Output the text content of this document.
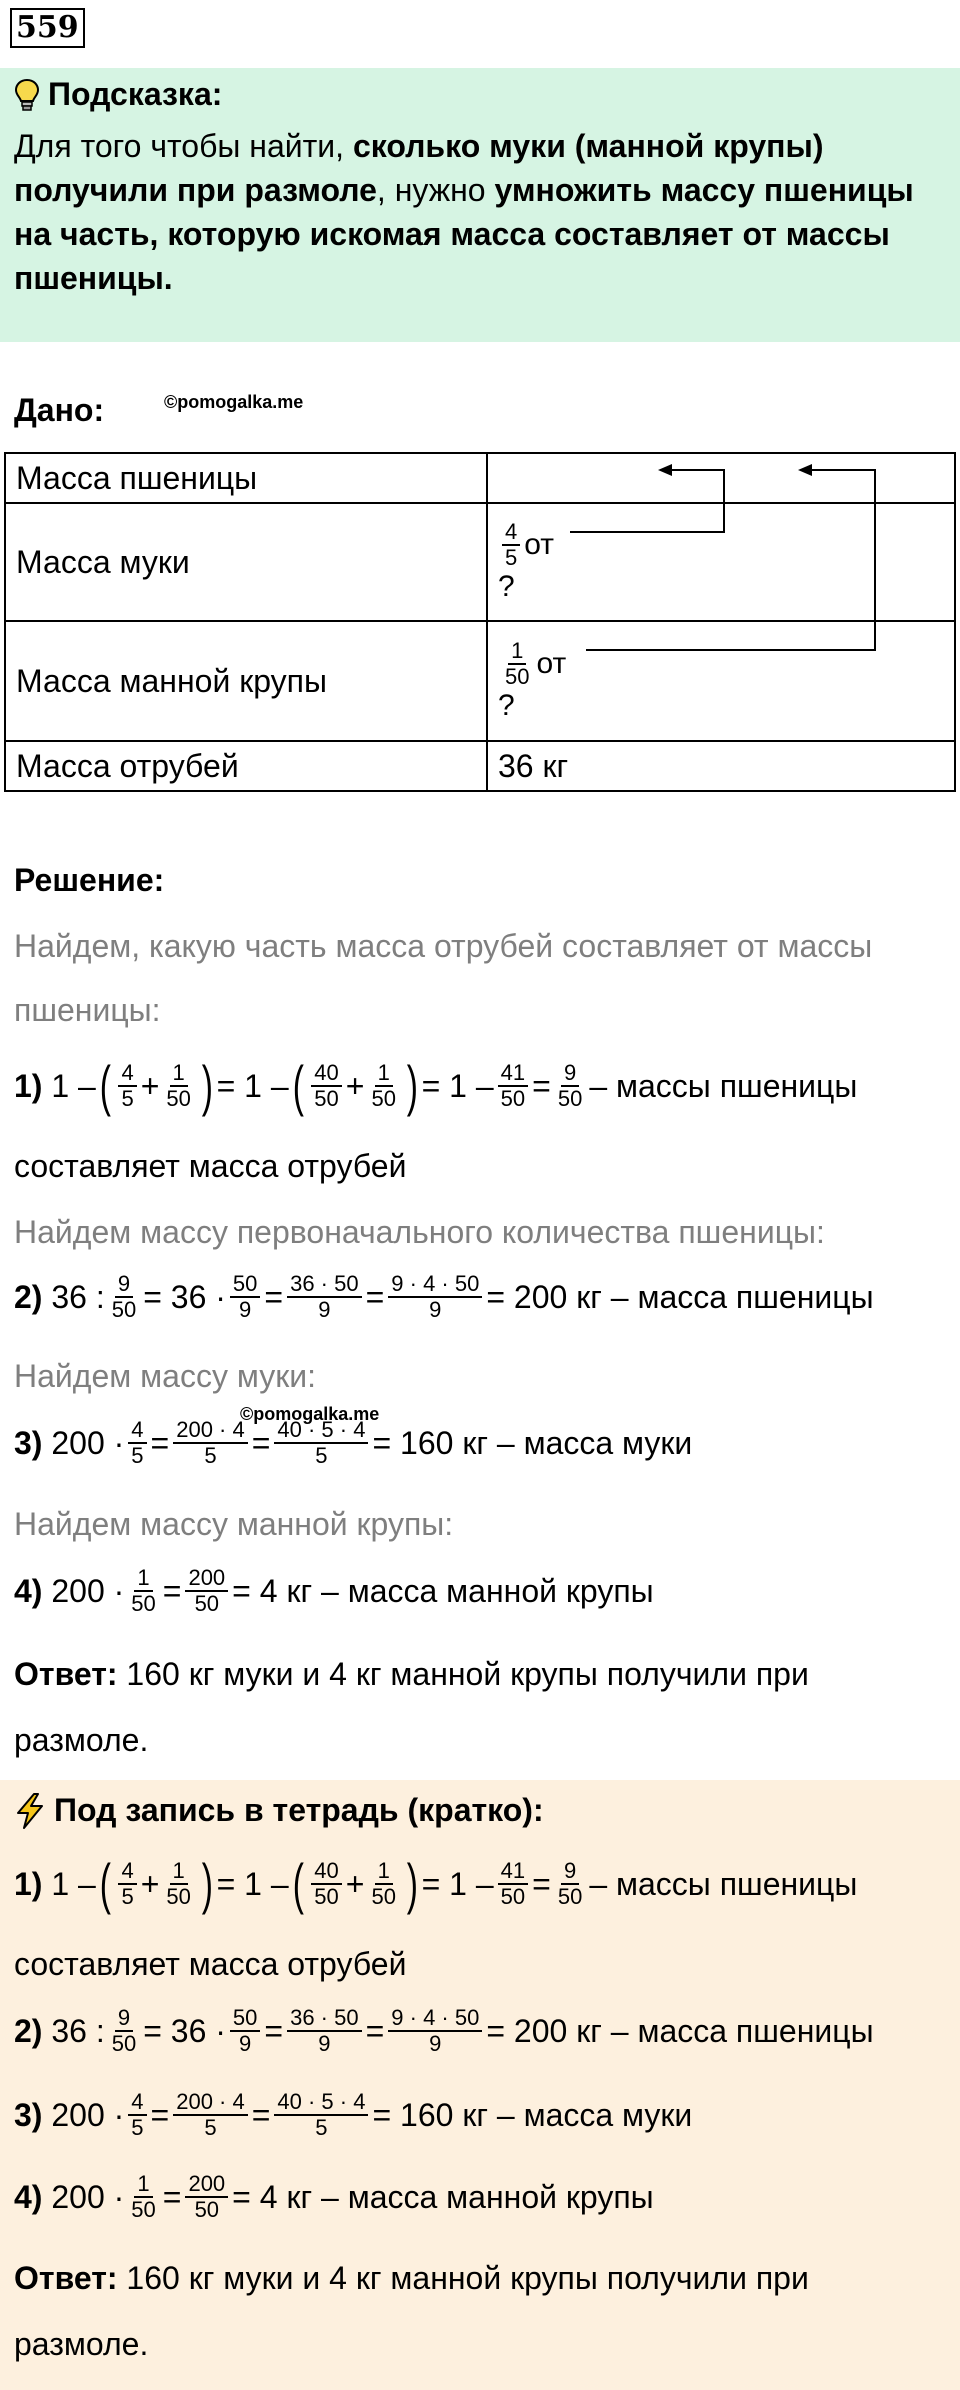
559
Подсказка:
Для того чтобы найти, сколько муки (манной крупы) получили при размоле, нужно умножить массу пшеницы на часть, которую искомая масса составляет от массы пшеницы.
Дано:	©pomogalka.me
Масса пшеницы	
Масса муки	$\frac{4}{5}$ от
?

Масса манной крупы	$\frac{1}{50}$ от
?

Масса отрубей	36 кг
Решение:
Найдем, какую часть масса отрубей составляет от массы
пшеницы:
1) 1 – ( $\frac{4}{5} + \frac{1}{50}$ ) = 1 – ( $\frac{40}{50} + \frac{1}{50}$ ) = $1 - \frac{41}{50} = \frac{9}{50}$ – массы пшеницы
составляет масса отрубей
Найдем массу первоначального количества пшеницы:
2) 36 : $\frac{9}{50} = 36 \cdot \frac{50}{9} = \frac{36 \cdot 50}{9} = \frac{9 \cdot 4 \cdot 50}{9} = 200$ кг – масса пшеницы
Найдем массу муки:
©pomogalka.me
3) $200 \cdot \frac{4}{5} = \frac{200 \cdot 4}{5} = \frac{40 \cdot 5 \cdot 4}{5} = 160$ кг – масса муки
Найдем массу манной крупы:
4) $200 \cdot \frac{1}{50} = \frac{200}{50} = 4$ кг – масса манной крупы
Ответ: 160 кг муки и 4 кг манной крупы получили при
размоле.
Под запись в тетрадь (кратко):
1) 1 – ( $\frac{4}{5} + \frac{1}{50}$ ) = 1 – ( $\frac{40}{50} + \frac{1}{50}$ ) = $1 - \frac{41}{50} = \frac{9}{50}$ – массы пшеницы
составляет масса отрубей
2) 36 : $\frac{9}{50} = 36 \cdot \frac{50}{9} = \frac{36 \cdot 50}{9} = \frac{9 \cdot 4 \cdot 50}{9} = 200$ кг – масса пшеницы
3) $200 \cdot \frac{4}{5} = \frac{200 \cdot 4}{5} = \frac{40 \cdot 5 \cdot 4}{5} = 160$ кг – масса муки
4) $200 \cdot \frac{1}{50} = \frac{200}{50} = 4$ кг – масса манной крупы
Ответ: 160 кг муки и 4 кг манной крупы получили при
размоле.
